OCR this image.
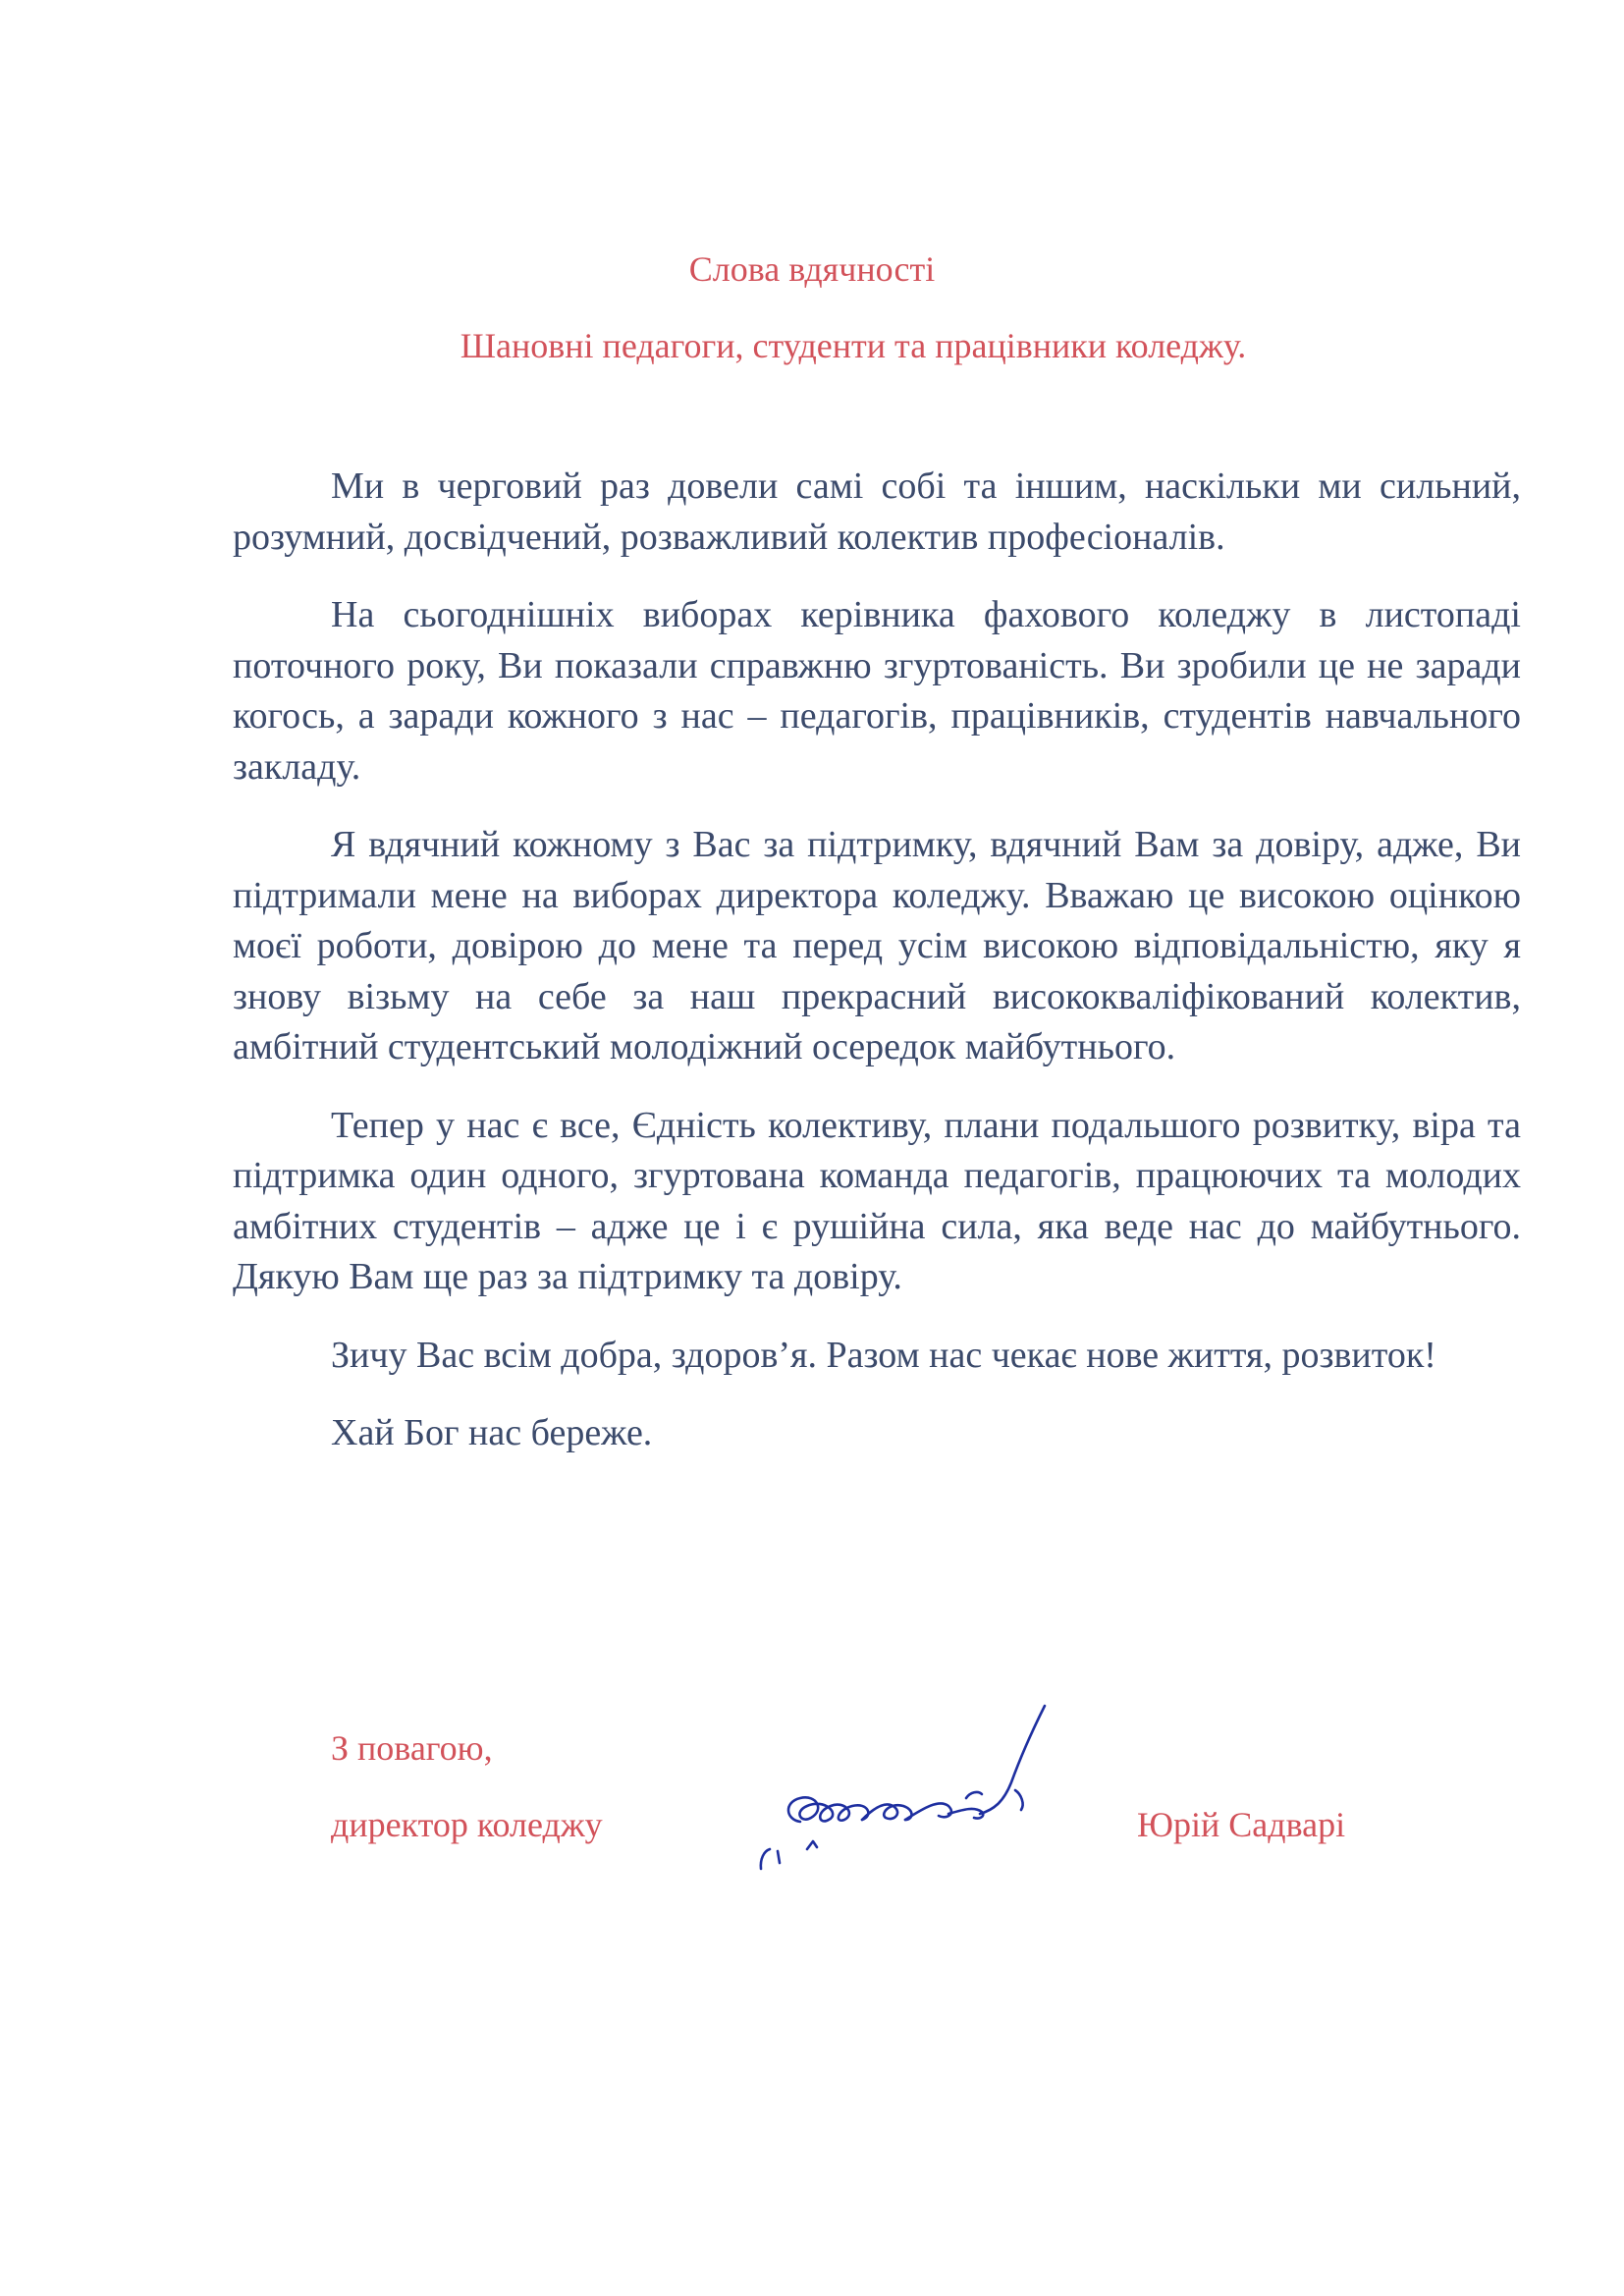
Слова вдячності
Шановні педагоги, студенти та працівники коледжу.

Ми в черговий раз довели самі собі та іншим, наскільки ми сильний, розумний, досвідчений, розважливий колектив професіоналів.

На сьогоднішніх виборах керівника фахового коледжу в листопаді поточного року, Ви показали справжню згуртованість. Ви зробили це не заради когось, а заради кожного з нас – педагогів, працівників, студентів навчального закладу.

Я вдячний кожному з Вас за підтримку, вдячний Вам за довіру, адже, Ви підтримали мене на виборах директора коледжу. Вважаю це високою оцінкою моєї роботи, довірою до мене та перед усім високою відповідальністю, яку я знову візьму на себе за наш прекрасний висококваліфікований колектив, амбітний студентський молодіжний осередок майбутнього.

Тепер у нас є все, Єдність колективу, плани подальшого розвитку, віра та підтримка один одного, згуртована команда педагогів, працюючих та молодих амбітних студентів – адже це і є рушійна сила, яка веде нас до майбутнього. Дякую Вам ще раз за підтримку та довіру.

Зичу Вас всім добра, здоров’я. Разом нас чекає нове життя, розвиток!

Хай Бог нас береже.

З повагою,

директор коледжу	Юрій Садварі
